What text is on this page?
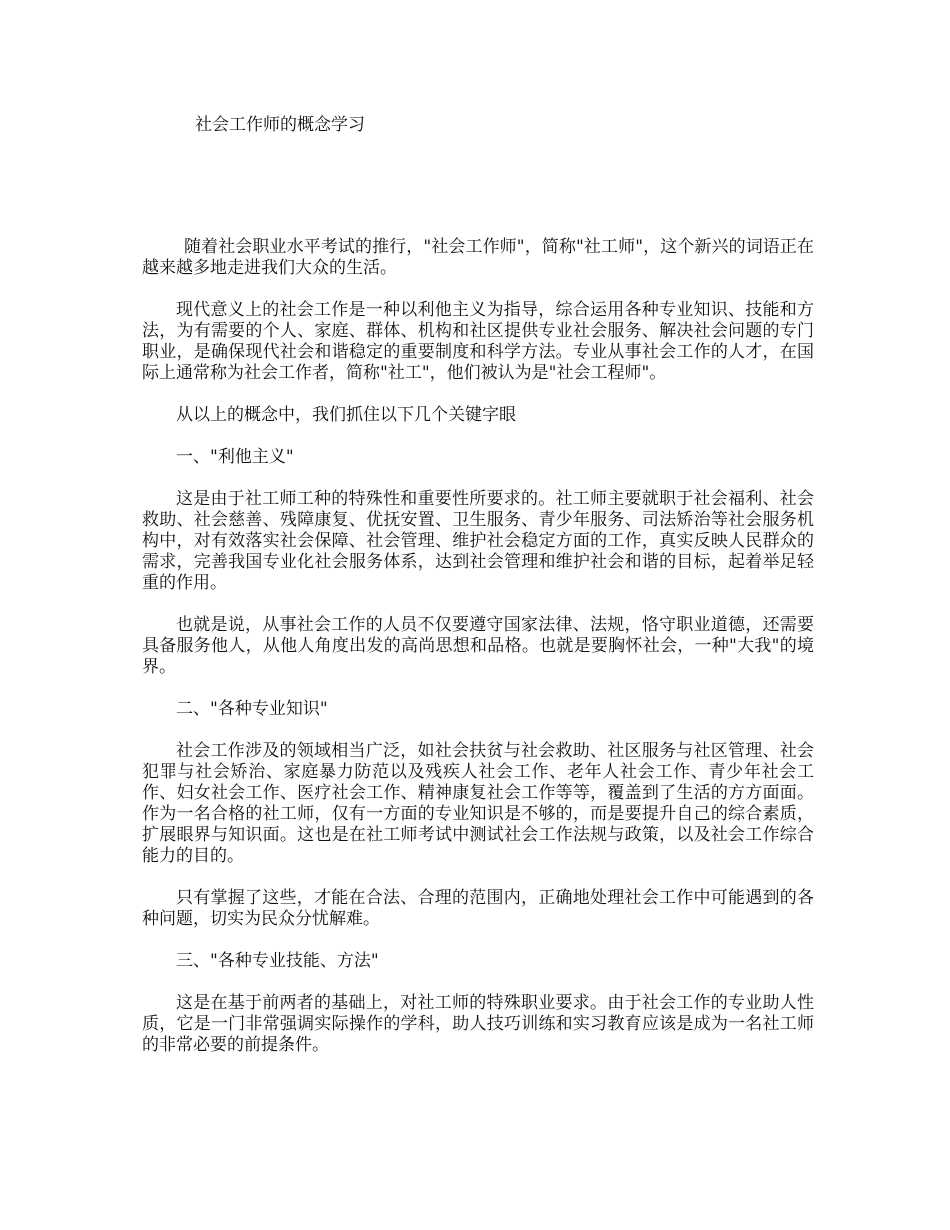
社会工作师的概念学习

随着社会职业水平考试的推行，"社会工作师"，简称"社工师"，这个新兴的词语正在越来越多地走进我们大众的生活。

现代意义上的社会工作是一种以利他主义为指导，综合运用各种专业知识、技能和方法，为有需要的个人、家庭、群体、机构和社区提供专业社会服务、解决社会问题的专门职业，是确保现代社会和谐稳定的重要制度和科学方法。专业从事社会工作的人才，在国际上通常称为社会工作者，简称"社工"，他们被认为是"社会工程师"。

从以上的概念中，我们抓住以下几个关键字眼

一、"利他主义"

这是由于社工师工种的特殊性和重要性所要求的。社工师主要就职于社会福利、社会救助、社会慈善、残障康复、优抚安置、卫生服务、青少年服务、司法矫治等社会服务机构中，对有效落实社会保障、社会管理、维护社会稳定方面的工作，真实反映人民群众的需求，完善我国专业化社会服务体系，达到社会管理和维护社会和谐的目标，起着举足轻重的作用。

也就是说，从事社会工作的人员不仅要遵守国家法律、法规，恪守职业道德，还需要具备服务他人，从他人角度出发的高尚思想和品格。也就是要胸怀社会，一种"大我"的境界。

二、"各种专业知识"

社会工作涉及的领域相当广泛，如社会扶贫与社会救助、社区服务与社区管理、社会犯罪与社会矫治、家庭暴力防范以及残疾人社会工作、老年人社会工作、青少年社会工作、妇女社会工作、医疗社会工作、精神康复社会工作等等，覆盖到了生活的方方面面。作为一名合格的社工师，仅有一方面的专业知识是不够的，而是要提升自己的综合素质，扩展眼界与知识面。这也是在社工师考试中测试社会工作法规与政策，以及社会工作综合能力的目的。

只有掌握了这些，才能在合法、合理的范围内，正确地处理社会工作中可能遇到的各种问题，切实为民众分忧解难。

三、"各种专业技能、方法"

这是在基于前两者的基础上，对社工师的特殊职业要求。由于社会工作的专业助人性质，它是一门非常强调实际操作的学科，助人技巧训练和实习教育应该是成为一名社工师的非常必要的前提条件。
